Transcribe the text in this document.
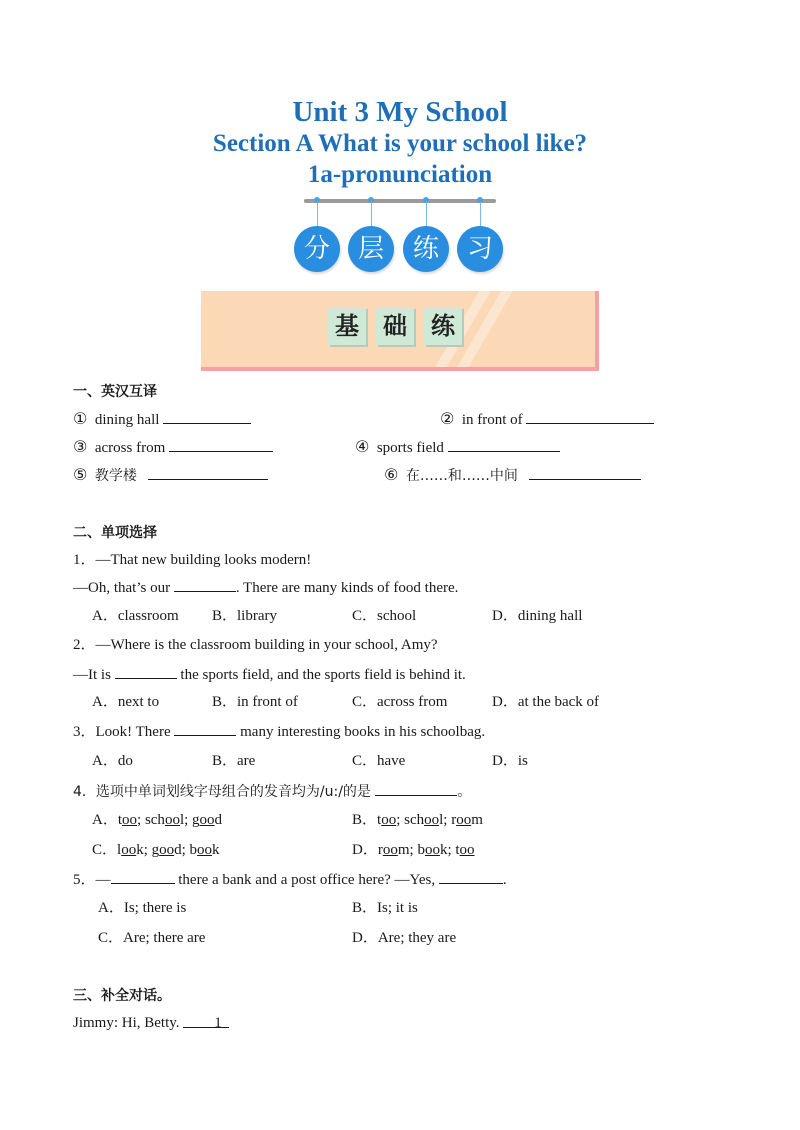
Unit 3 My School
Section A What is your school like?
1a-pronunciation
分	层	练	习
基 础 练
一、英汉互译
① dining hall	② in front of
③ across from	④ sports field
⑤ 教学楼	⑥ 在……和……中间
二、单项选择
1．—That new building looks modern!
—Oh, that’s our	. There are many kinds of food there.
A．classroom B．library	C．school	D．dining hall
2．—Where is the classroom building in your school, Amy?
—It is	the sports field, and the sports field is behind it.
A．next to	B．in front of	C．across from	D．at the back of
3．Look! There	many interesting books in his schoolbag.
A．do	B．are	C．have	D．is
4．选项中单词划线字母组合的发音均为/u:/的是	。
A．too; school; good	B．too; school; room
C．look; good; book	D．room; book; too
5．—	there a bank and a post office here? —Yes,	.
A．Is; there is	B．Is; it is
C．Are; there are	D．Are; they are
三、补全对话。
Jimmy: Hi, Betty. 1
